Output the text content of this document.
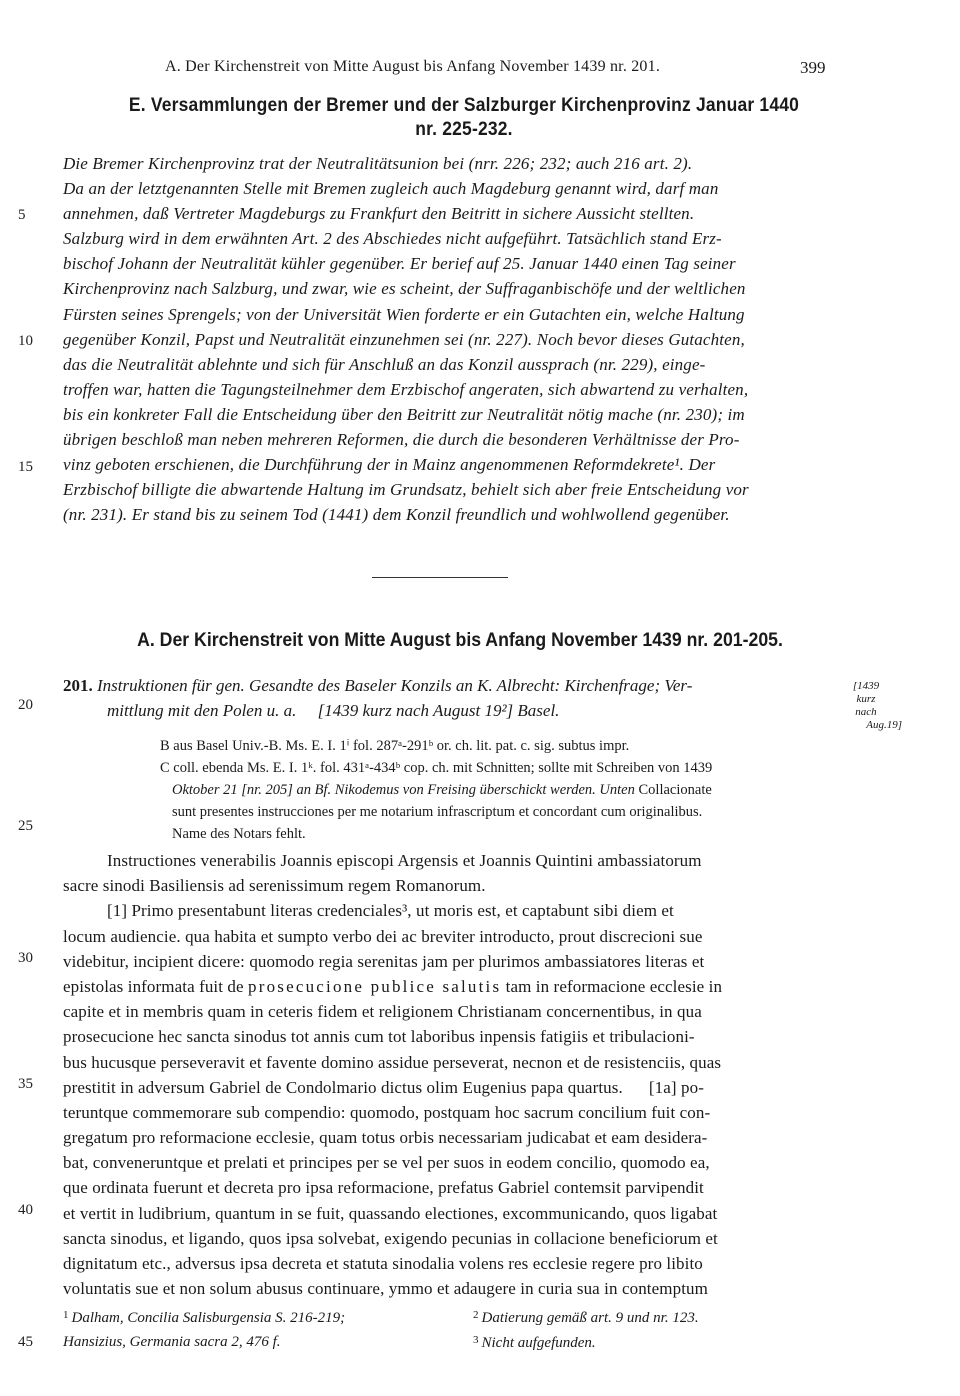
A. Der Kirchenstreit von Mitte August bis Anfang November 1439 nr. 201.	399
E. Versammlungen der Bremer und der Salzburger Kirchenprovinz Januar 1440
nr. 225-232.
Die Bremer Kirchenprovinz trat der Neutralitätsunion bei (nrr. 226; 232; auch 216 art. 2).
Da an der letztgenannten Stelle mit Bremen zugleich auch Magdeburg genannt wird, darf man
annehmen, daß Vertreter Magdeburgs zu Frankfurt den Beitritt in sichere Aussicht stellten.
Salzburg wird in dem erwähnten Art. 2 des Abschiedes nicht aufgeführt. Tatsächlich stand Erz-
bischof Johann der Neutralität kühler gegenüber. Er berief auf 25. Januar 1440 einen Tag seiner
Kirchenprovinz nach Salzburg, und zwar, wie es scheint, der Suffraganbischöfe und der weltlichen
Fürsten seines Sprengels; von der Universität Wien forderte er ein Gutachten ein, welche Haltung
gegenüber Konzil, Papst und Neutralität einzunehmen sei (nr. 227). Noch bevor dieses Gutachten,
das die Neutralität ablehnte und sich für Anschluß an das Konzil aussprach (nr. 229), einge-
troffen war, hatten die Tagungsteilnehmer dem Erzbischof angeraten, sich abwartend zu verhalten,
bis ein konkreter Fall die Entscheidung über den Beitritt zur Neutralität nötig mache (nr. 230); im
übrigen beschloß man neben mehreren Reformen, die durch die besonderen Verhältnisse der Pro-
vinz geboten erschienen, die Durchführung der in Mainz angenommenen Reformdekrete¹. Der
Erzbischof billigte die abwartende Haltung im Grundsatz, behielt sich aber freie Entscheidung vor
(nr. 231). Er stand bis zu seinem Tod (1441) dem Konzil freundlich und wohlwollend gegenüber.
5
10
15
20
25
30
35
40
45
A. Der Kirchenstreit von Mitte August bis Anfang November 1439 nr. 201-205.
201. Instruktionen für gen. Gesandte des Baseler Konzils an K. Albrecht: Kirchenfrage; Ver-
mittlung mit den Polen u. a.     [1439 kurz nach August 19²] Basel.
[1439
kurz
nach
Aug.19]
B aus Basel Univ.-B. Ms. E. I. 1ⁱ fol. 287ᵃ-291ᵇ or. ch. lit. pat. c. sig. subtus impr.
C coll. ebenda Ms. E. I. 1ᵏ. fol. 431ᵃ-434ᵇ cop. ch. mit Schnitten; sollte mit Schreiben von 1439
Oktober 21 [nr. 205] an Bf. Nikodemus von Freising überschickt werden. Unten Collacionate
sunt presentes instrucciones per me notarium infrascriptum et concordant cum originalibus.
Name des Notars fehlt.
Instructiones venerabilis Joannis episcopi Argensis et Joannis Quintini ambassiatorum
sacre sinodi Basiliensis ad serenissimum regem Romanorum.
[1] Primo presentabunt literas credenciales³, ut moris est, et captabunt sibi diem et
locum audiencie. qua habita et sumpto verbo dei ac breviter introducto, prout discrecioni sue
videbitur, incipient dicere: quomodo regia serenitas jam per plurimos ambassiatores literas et
epistolas informata fuit de prosecucione publice salutis tam in reformacione ecclesie in
capite et in membris quam in ceteris fidem et religionem Christianam concernentibus, in qua
prosecucione hec sancta sinodus tot annis cum tot laboribus inpensis fatigiis et tribulacioni-
bus hucusque perseveravit et favente domino assidue perseverat, necnon et de resistenciis, quas
prestitit in adversum Gabriel de Condolmario dictus olim Eugenius papa quartus.      [1a] po-
teruntque commemorare sub compendio: quomodo, postquam hoc sacrum concilium fuit con-
gregatum pro reformacione ecclesie, quam totus orbis necessariam judicabat et eam desidera-
bat, conveneruntque et prelati et principes per se vel per suos in eodem concilio, quomodo ea,
que ordinata fuerunt et decreta pro ipsa reformacione, prefatus Gabriel contemsit parvipendit
et vertit in ludibrium, quantum in se fuit, quassando electiones, excommunicando, quos ligabat
sancta sinodus, et ligando, quos ipsa solvebat, exigendo pecunias in collacione beneficiorum et
dignitatum etc., adversus ipsa decreta et statuta sinodalia volens res ecclesie regere pro libito
voluntatis sue et non solum abusus continuare, ymmo et adaugere in curia sua in contemptum
$^1$ Dalham, Concilia Salisburgensia S. 216-219;	$^2$ Datierung gemäß art. 9 und nr. 123.
Hansizius, Germania sacra 2, 476 f.	$^3$ Nicht aufgefunden.
